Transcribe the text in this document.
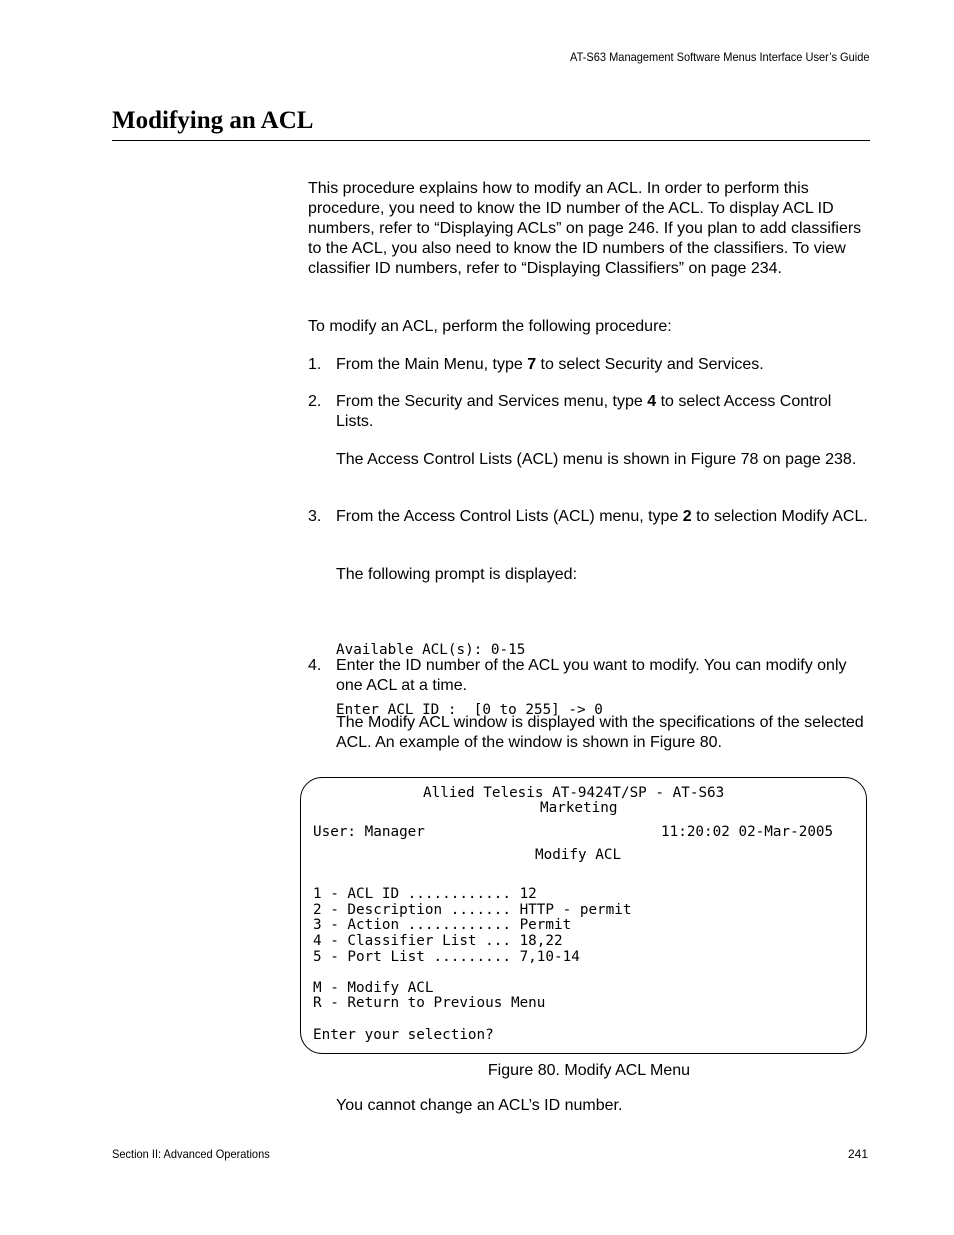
AT-S63 Management Software Menus Interface User’s Guide
Modifying an ACL

This procedure explains how to modify an ACL. In order to perform this procedure, you need to know the ID number of the ACL. To display ACL ID numbers, refer to “Displaying ACLs” on page 246. If you plan to add classifiers to the ACL, you also need to know the ID numbers of the classifiers. To view classifier ID numbers, refer to “Displaying Classifiers” on page 234.

To modify an ACL, perform the following procedure:

1. From the Main Menu, type 7 to select Security and Services.
2. From the Security and Services menu, type 4 to select Access Control Lists.

The Access Control Lists (ACL) menu is shown in Figure 78 on page 238.

3. From the Access Control Lists (ACL) menu, type 2 to selection Modify ACL.

The following prompt is displayed:

Available ACL(s): 0-15

Enter ACL ID :  [0 to 255] -> 0

4. Enter the ID number of the ACL you want to modify. You can modify only one ACL at a time.

The Modify ACL window is displayed with the specifications of the selected ACL. An example of the window is shown in Figure 80.

Allied Telesis AT-9424T/SP - AT-S63
Marketing
User: Manager	11:20:02 02-Mar-2005
Modify ACL
1 - ACL ID ............ 12
2 - Description ....... HTTP - permit
3 - Action ............ Permit
4 - Classifier List ... 18,22
5 - Port List ......... 7,10-14
M - Modify ACL
R - Return to Previous Menu
Enter your selection?
Figure 80. Modify ACL Menu

You cannot change an ACL’s ID number.

Section II: Advanced Operations	241
